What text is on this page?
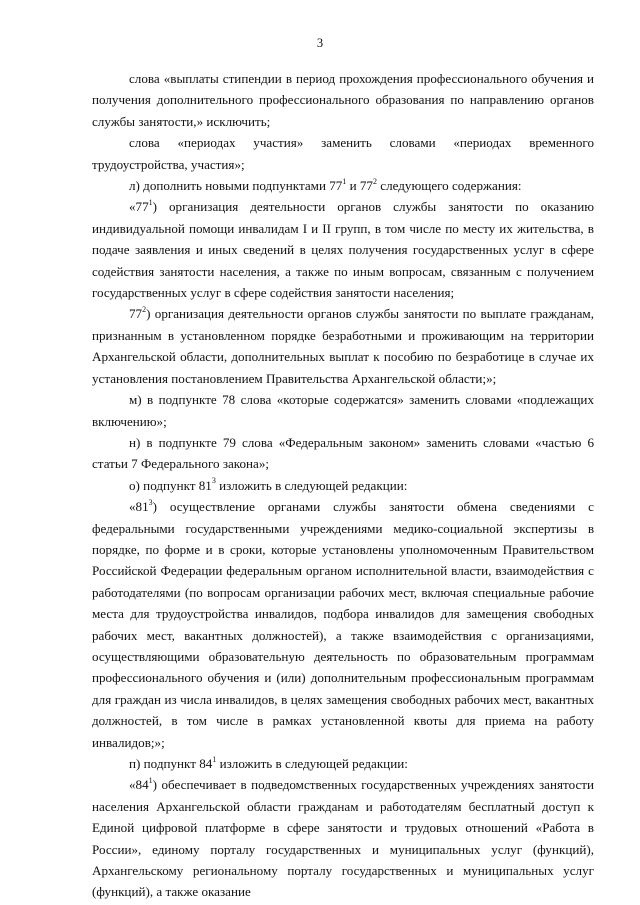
3

слова «выплаты стипендии в период прохождения профессионального обучения и получения дополнительного профессионального образования по направлению органов службы занятости,» исключить;

слова «периодах участия» заменить словами «периодах временного трудоустройства, участия»;

л) дополнить новыми подпунктами $77^1$ и $77^2$ следующего содержания:

«$77^1$) организация деятельности органов службы занятости по оказанию индивидуальной помощи инвалидам I и II групп, в том числе по месту их жительства, в подаче заявления и иных сведений в целях получения государственных услуг в сфере содействия занятости населения, а также по иным вопросам, связанным с получением государственных услуг в сфере содействия занятости населения;

$77^2$) организация деятельности органов службы занятости по выплате гражданам, признанным в установленном порядке безработными и проживающим на территории Архангельской области, дополнительных выплат к пособию по безработице в случае их установления постановлением Правительства Архангельской области;»;

м) в подпункте 78 слова «которые содержатся» заменить словами «подлежащих включению»;

н) в подпункте 79 слова «Федеральным законом» заменить словами «частью 6 статьи 7 Федерального закона»;

о) подпункт $81^3$ изложить в следующей редакции:

«$81^3$) осуществление органами службы занятости обмена сведениями с федеральными государственными учреждениями медико-социальной экспертизы в порядке, по форме и в сроки, которые установлены уполномоченным Правительством Российской Федерации федеральным органом исполнительной власти, взаимодействия с работодателями (по вопросам организации рабочих мест, включая специальные рабочие места для трудоустройства инвалидов, подбора инвалидов для замещения свободных рабочих мест, вакантных должностей), а также взаимодействия с организациями, осуществляющими образовательную деятельность по образовательным программам профессионального обучения и (или) дополнительным профессиональным программам для граждан из числа инвалидов, в целях замещения свободных рабочих мест, вакантных должностей, в том числе в рамках установленной квоты для приема на работу инвалидов;»;

п) подпункт $84^1$ изложить в следующей редакции:

«$84^1$) обеспечивает в подведомственных государственных учреждениях занятости населения Архангельской области гражданам и работодателям бесплатный доступ к Единой цифровой платформе в сфере занятости и трудовых отношений «Работа в России», единому порталу государственных и муниципальных услуг (функций), Архангельскому региональному порталу государственных и муниципальных услуг (функций), а также оказание
